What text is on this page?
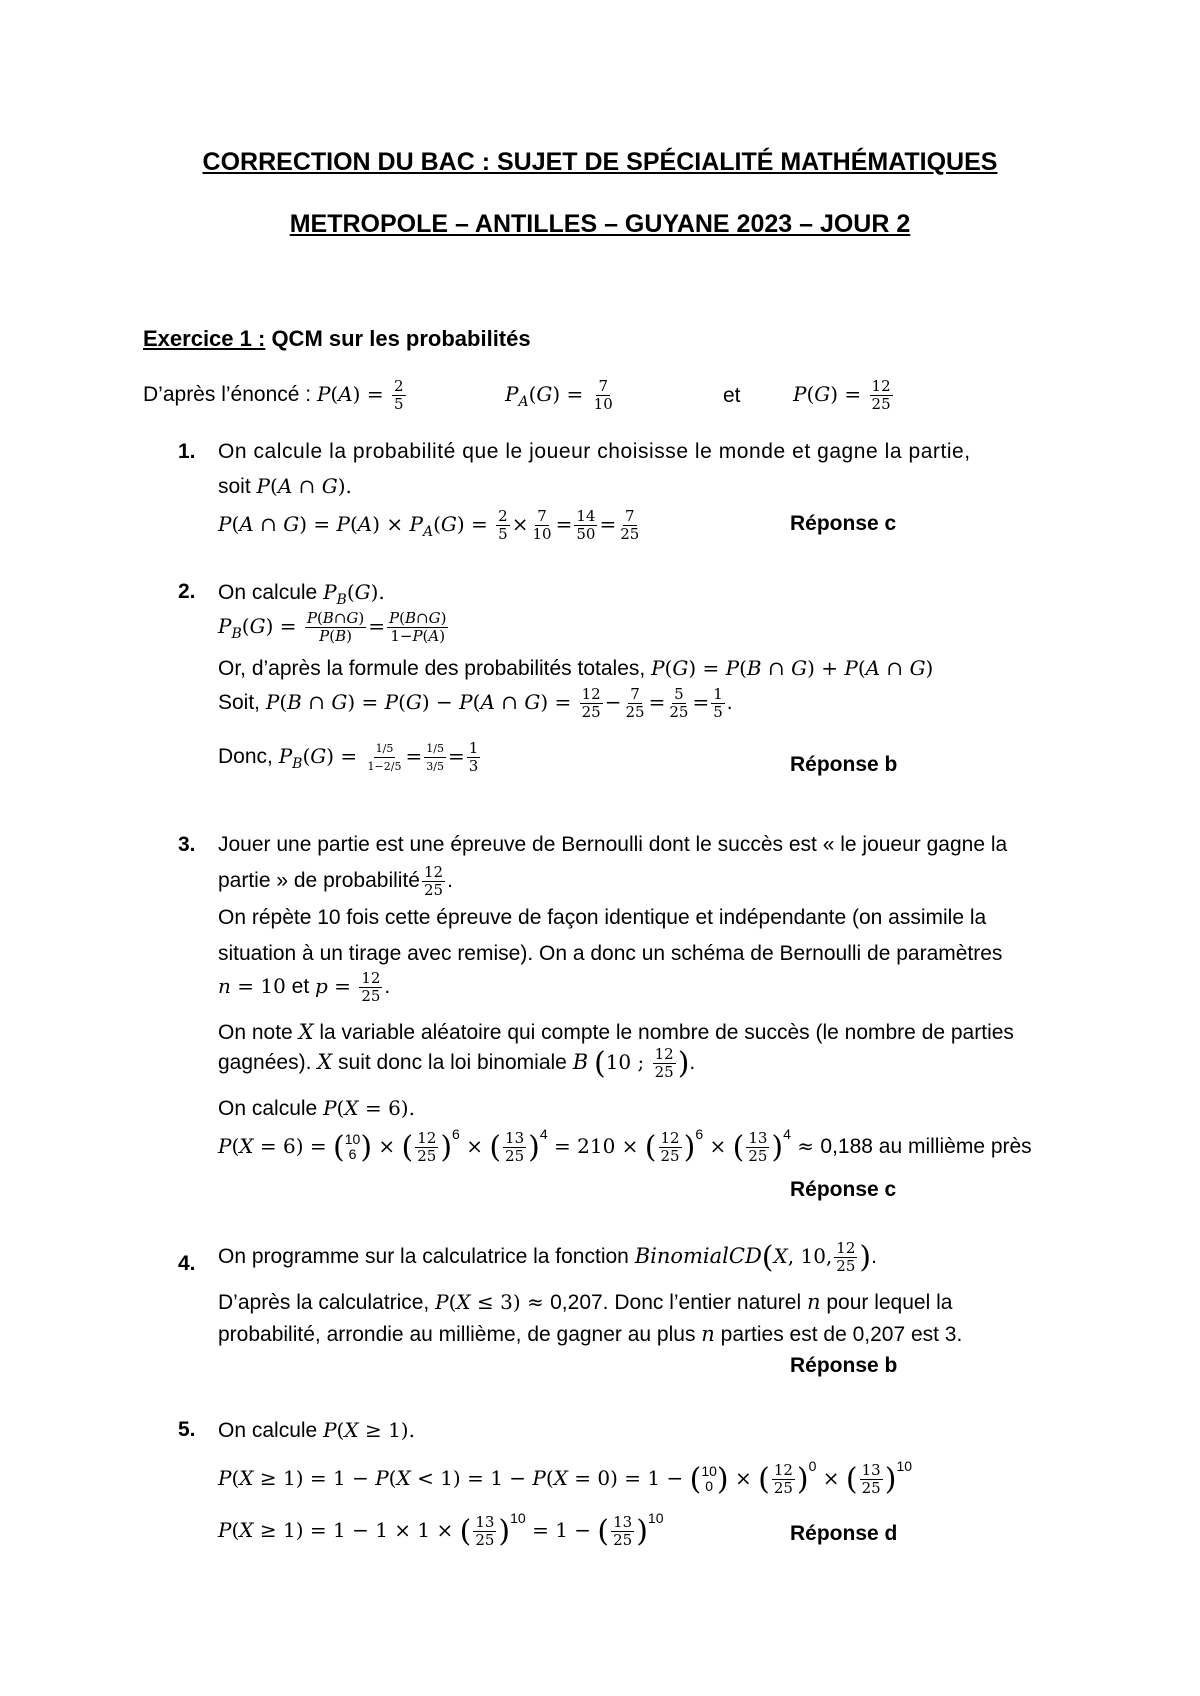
CORRECTION DU BAC : SUJET DE SPÉCIALITÉ MATHÉMATIQUES
METROPOLE – ANTILLES – GUYANE 2023 – JOUR 2
Exercice 1 : QCM sur les probabilités
D’après l’énoncé : $P(A) = \frac{2}{5}$	$P_A(G) = \frac{7}{10}$	et	$P(G) = \frac{12}{25}$
1. On calcule la probabilité que le joueur choisisse le monde et gagne la partie,
soit P(A ∩ G).
P(A ∩ $G) = P(A) \times P_A(G) = \frac{2}{5} \times \frac{7}{10} = \frac{14}{50} = \frac{7}{25}$	Réponse c
2. On calcule $P_B(G)$.
$P_B(G) = \frac{P(B\cap G)}{P(B)} = \frac{P(B\cap G)}{1-P(A)}$
Or, d’après la formule des probabilités totales, P(G) = P(B ∩ G) + P(A ∩ G)
Soit, P(B ∩ G) = P(G) − P(A ∩ $G) = \frac{12}{25} - \frac{7}{25} = \frac{5}{25} = \frac{1}{5}$ .
Donc, $P_B(G) = \frac{1/5}{1-2/5} = \frac{1/5}{3/5} = \frac{1}{3}$	Réponse b
3. Jouer une partie est une épreuve de Bernoulli dont le succès est « le joueur gagne la
partie » de probabilité $\frac{12}{25}$ .
On répète 10 fois cette épreuve de façon identique et indépendante (on assimile la
situation à un tirage avec remise). On a donc un schéma de Bernoulli de paramètres
n = 10 et $p = \frac{12}{25}$ .
On note X la variable aléatoire qui compte le nombre de succès (le nombre de parties
gagnées). X suit donc la loi binomiale B (10 ; $\frac{12}{25}$ ).
On calcule P(X = 6).
P(X = 6) = ( 10
6 ) × ( $\frac{12}{25} )^6$ × ( $\frac{13}{25} )^4 = 210$ × ( $\frac{12}{25} )^6$ × ( $\frac{13}{25} )^4 \approx 0,188$ au millième près
Réponse c
4. On programme sur la calculatrice la fonction BinomialCD(X, 10, $\frac{12}{25}$ ).
D’après la calculatrice, P(X ≤ 3) ≈ 0,207. Donc l’entier naturel n pour lequel la
probabilité, arrondie au millième, de gagner au plus n parties est de 0,207 est 3.
Réponse b
5. On calcule P(X ≥ 1).
P(X ≥ 1) = 1 − P(X < 1) = 1 − P(X = 0) = 1 − ( 10
0 ) × ( $\frac{12}{25} )^0$ × ( $\frac{13}{25} )^{10}$
P(X ≥ 1) = 1 − 1 × 1 × ( $\frac{13}{25} )^{10} = 1$ − ( $\frac{13}{25} )^{10}$
Réponse d
